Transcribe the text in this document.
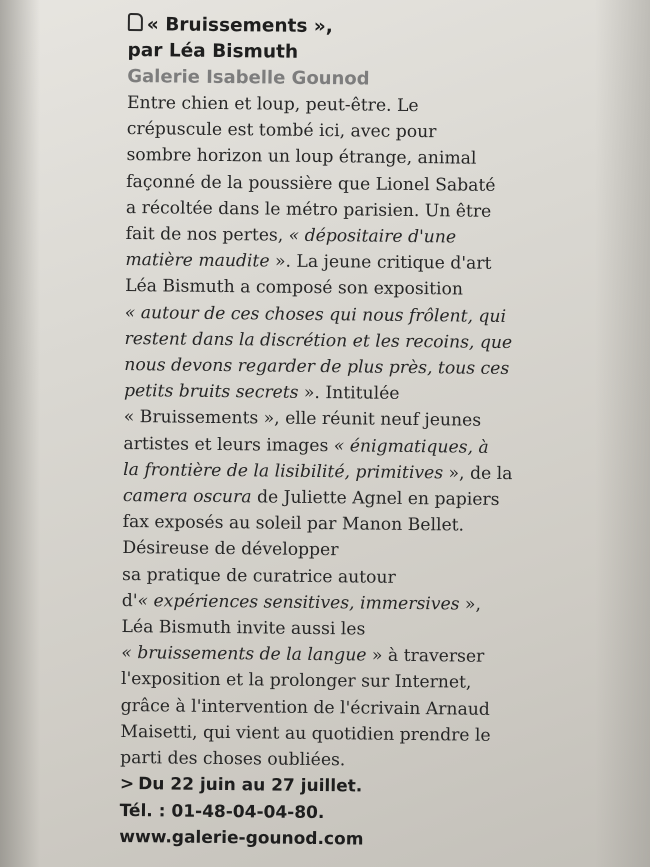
« Bruissements »,
par Léa Bismuth
Galerie Isabelle Gounod
Entre chien et loup, peut-être. Le
crépuscule est tombé ici, avec pour
sombre horizon un loup étrange, animal
façonné de la poussière que Lionel Sabaté
a récoltée dans le métro parisien. Un être
fait de nos pertes, « dépositaire d'une
matière maudite ». La jeune critique d'art
Léa Bismuth a composé son exposition
« autour de ces choses qui nous frôlent, qui
restent dans la discrétion et les recoins, que
nous devons regarder de plus près, tous ces
petits bruits secrets ». Intitulée
« Bruissements », elle réunit neuf jeunes
artistes et leurs images « énigmatiques, à
la frontière de la lisibilité, primitives », de la
camera oscura de Juliette Agnel en papiers
fax exposés au soleil par Manon Bellet.
Désireuse de développer
sa pratique de curatrice autour
d'« expériences sensitives, immersives »,
Léa Bismuth invite aussi les
« bruissements de la langue » à traverser
l'exposition et la prolonger sur Internet,
grâce à l'intervention de l'écrivain Arnaud
Maisetti, qui vient au quotidien prendre le
parti des choses oubliées.
> Du 22 juin au 27 juillet.
Tél. : 01-48-04-04-80.
www.galerie-gounod.com
